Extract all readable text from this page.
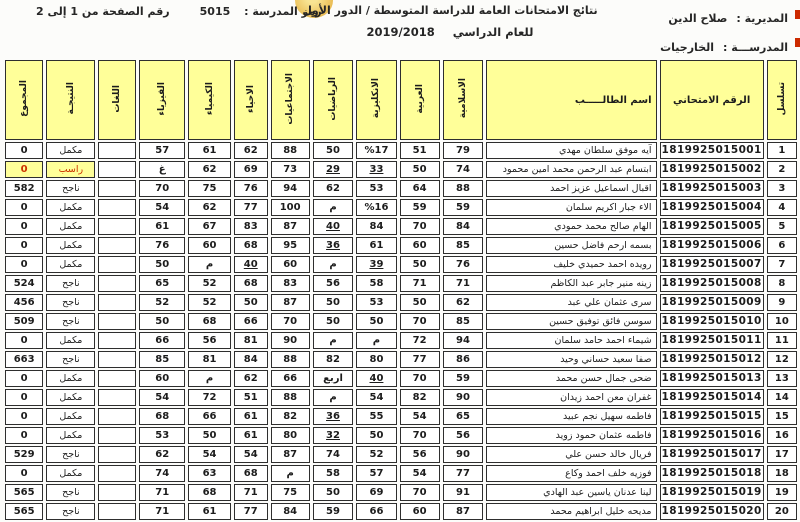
المديرية :
صلاح الدين
المدرســـة :
الخارجيات
نتائج الامتحانات العامة للدراسة المتوسطة / الدور الأول
للعام الدراسي 2019/2018
رمز المدرسة : 5015
رقم الصفحة من 1 إلى 2
تسلسل	الرقم الامتحاني	اسم الطالـــــب	الاسلامية	العربية	الانكليزية	الرياضيات	الاجتماعيات	الاحياء	الكيمياء	الفيزياء	اللغات	النتيجـة	المجموع
1	1819925015001	آيه موفق سلطان مهدي	79	51	%17	50	88	62	61	57		مكمل	0
2	1819925015002	ابتسام عبد الرحمن محمد امين محمود	74	50	33	29	73	69	62	غ		راسب	0
3	1819925015003	اقبال اسماعيل عزيز احمد	88	64	53	62	94	76	75	70		ناجح	582
4	1819925015004	الاء جبار اكريم سلمان	59	59	%16	م	100	77	62	54		مكمل	0
5	1819925015005	الهام صالح محمد حمودي	84	70	84	40	87	83	67	61		مكمل	0
6	1819925015006	بسمه ارحم فاضل حسين	85	60	61	36	95	68	60	76		مكمل	0
7	1819925015007	رويده احمد حميدي خليف	76	50	39	م	60	40	م	50		مكمل	0
8	1819925015008	زينه منير جابر عبد الكاظم	71	71	58	56	83	68	52	65		ناجح	524
9	1819925015009	سرى عثمان علي عبد	62	50	53	50	87	50	52	52		ناجح	456
10	1819925015010	سوسن فائق توفيق حسين	85	70	50	50	70	66	68	50		ناجح	509
11	1819925015011	شيماء احمد حامد سلمان	94	72	م	م	90	81	56	66		مكمل	0
12	1819925015012	صفا سعيد حساني وحيد	86	77	80	82	88	84	81	85		ناجح	663
13	1819925015013	ضحى جمال حسن محمد	59	70	40	اربع	66	62	م	60		مكمل	0
14	1819925015014	غفران معن احمد زيدان	90	82	54	م	88	51	72	54		مكمل	0
15	1819925015015	فاطمه سهيل نجم عبيد	65	54	55	36	82	61	66	68		مكمل	0
16	1819925015016	فاطمه عثمان حمود زويد	56	70	50	32	80	61	50	53		مكمل	0
17	1819925015017	فريال خالد حسن علي	90	56	52	74	87	54	54	62		ناجح	529
18	1819925015018	فوزيه خلف احمد وكاع	77	54	57	58	م	68	63	74		مكمل	0
19	1819925015019	لينا عدنان ياسين عبد الهادي	91	70	69	50	75	71	68	71		ناجح	565
20	1819925015020	مديحه خليل ابراهيم محمد	87	60	66	59	84	77	61	71		ناجح	565
